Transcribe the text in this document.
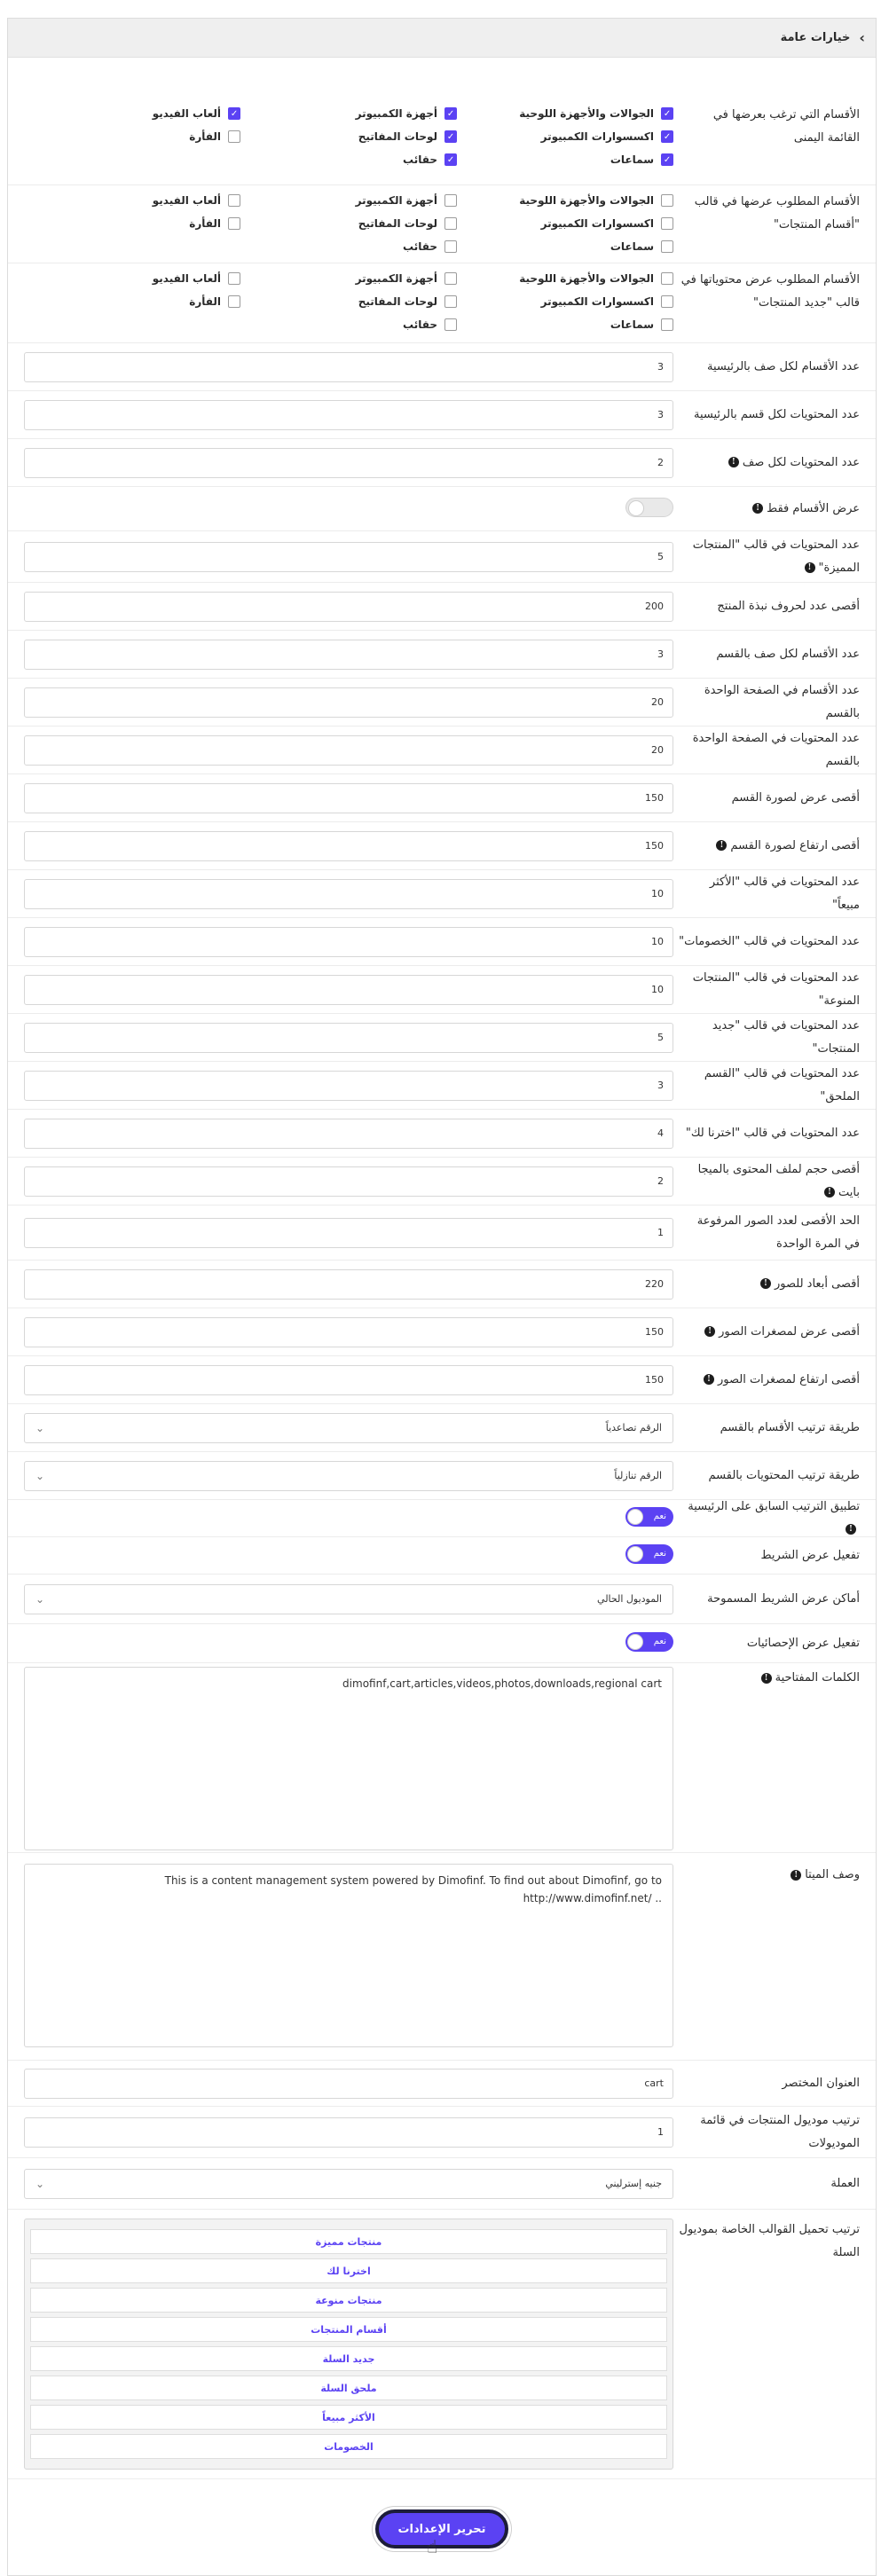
›
خيارات عامة
الأقسام التي ترغب بعرضها في القائمة اليمنى
✓
الجوالات والأجهزة اللوحية
✓
أجهزة الكمبيوتر
✓
ألعاب الفيديو
✓
اكسسوارات الكمبيوتر
✓
لوحات المفاتيح
الفأرة
✓
سماعات
✓
حقائب
الأقسام المطلوب عرضها في قالب "أقسام المنتجات"
الجوالات والأجهزة اللوحية
أجهزة الكمبيوتر
ألعاب الفيديو
اكسسوارات الكمبيوتر
لوحات المفاتيح
الفأرة
سماعات
حقائب
الأقسام المطلوب عرض محتوياتها في قالب "جديد المنتجات"
الجوالات والأجهزة اللوحية
أجهزة الكمبيوتر
ألعاب الفيديو
اكسسوارات الكمبيوتر
لوحات المفاتيح
الفأرة
سماعات
حقائب
عدد الأقسام لكل صف بالرئيسية
3
عدد المحتويات لكل قسم بالرئيسية
3
عدد المحتويات لكل صف!
2
عرض الأقسام فقط!
عدد المحتويات في قالب "المنتجات المميزة"!
5
أقصى عدد لحروف نبذة المنتج
200
عدد الأقسام لكل صف بالقسم
3
عدد الأقسام في الصفحة الواحدة بالقسم
20
عدد المحتويات في الصفحة الواحدة بالقسم
20
أقصى عرض لصورة القسم
150
أقصى ارتفاع لصورة القسم!
150
عدد المحتويات في قالب "الأكثر مبيعاً"
10
عدد المحتويات في قالب "الخصومات"
10
عدد المحتويات في قالب "المنتجات المنوعة"
10
عدد المحتويات في قالب "جديد المنتجات"
5
عدد المحتويات في قالب "القسم الملحق"
3
عدد المحتويات في قالب "اخترنا لك"
4
أقصى حجم لملف المحتوى بالميجا بايت!
2
الحد الأقصى لعدد الصور المرفوعة في المرة الواحدة
1
أقصى أبعاد للصور!
220
أقصى عرض لمصغرات الصور!
150
أقصى ارتفاع لمصغرات الصور!
150
طريقة ترتيب الأقسام بالقسم
الرقم تصاعدياً
⌄
طريقة ترتيب المحتويات بالقسم
الرقم تنازلياً
⌄
تطبيق الترتيب السابق على الرئيسية!
نعم
تفعيل عرض الشريط
نعم
أماكن عرض الشريط المسموحة
الموديول الحالي
⌄
تفعيل عرض الإحصائيات
نعم
الكلمات المفتاحية!
dimofinf,cart,articles,videos,photos,downloads,regional cart
وصف الميتا!
This is a content management system powered by Dimofinf. To find out about Dimofinf, go to http://www.dimofinf.net/ ..
العنوان المختصر
cart
ترتيب موديول المنتجات في قائمة الموديولات
1
العملة
جنيه إسترليني
⌄
ترتيب تحميل القوالب الخاصة بموديول السلة
منتجات مميزة
اخترنا لك
منتجات منوعة
أقسام المنتجات
جديد السلة
ملحق السلة
الأكثر مبيعاً
الخصومات
تحرير الإعدادات
☝
